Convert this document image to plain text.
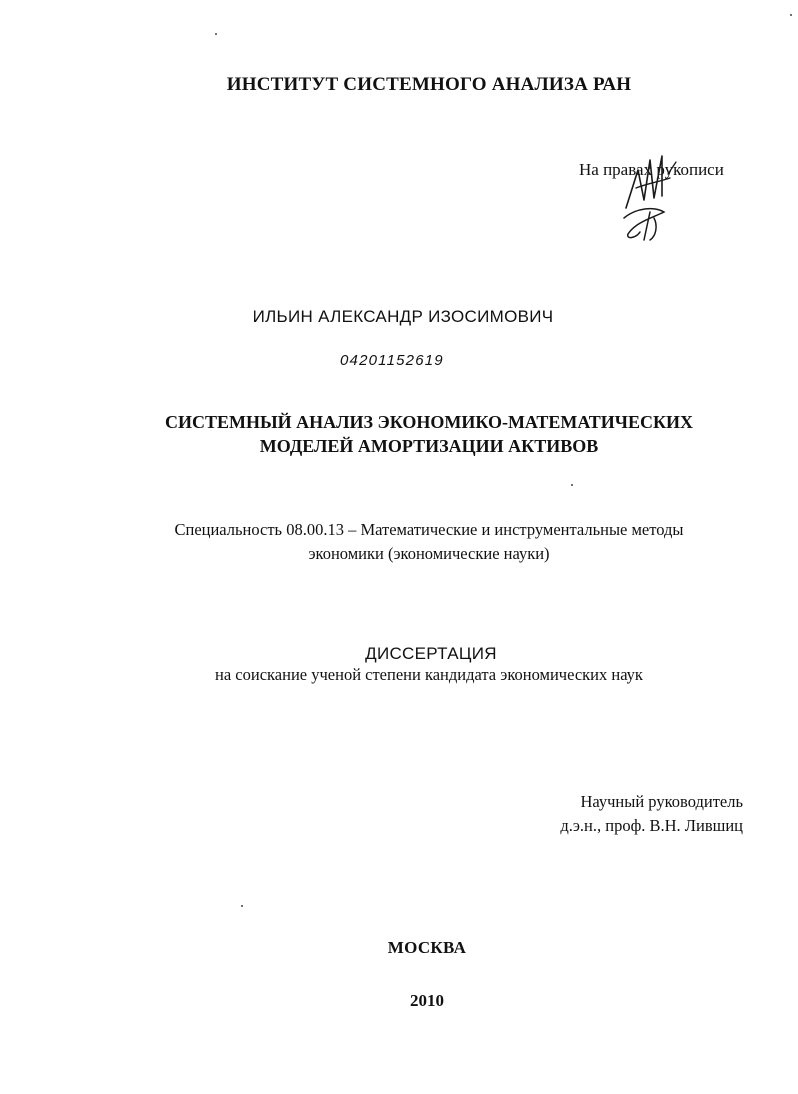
ИНСТИТУТ СИСТЕМНОГО АНАЛИЗА РАН
На правах рукописи
ИЛЬИН АЛЕКСАНДР ИЗОСИМОВИЧ
04201152619
СИСТЕМНЫЙ АНАЛИЗ ЭКОНОМИКО-МАТЕМАТИЧЕСКИХ
МОДЕЛЕЙ АМОРТИЗАЦИИ АКТИВОВ
Специальность 08.00.13 – Математические и инструментальные методы
экономики (экономические науки)
ДИССЕРТАЦИЯ
на соискание ученой степени кандидата экономических наук
Научный руководитель
д.э.н., проф. В.Н. Лившиц
МОСКВА
2010
